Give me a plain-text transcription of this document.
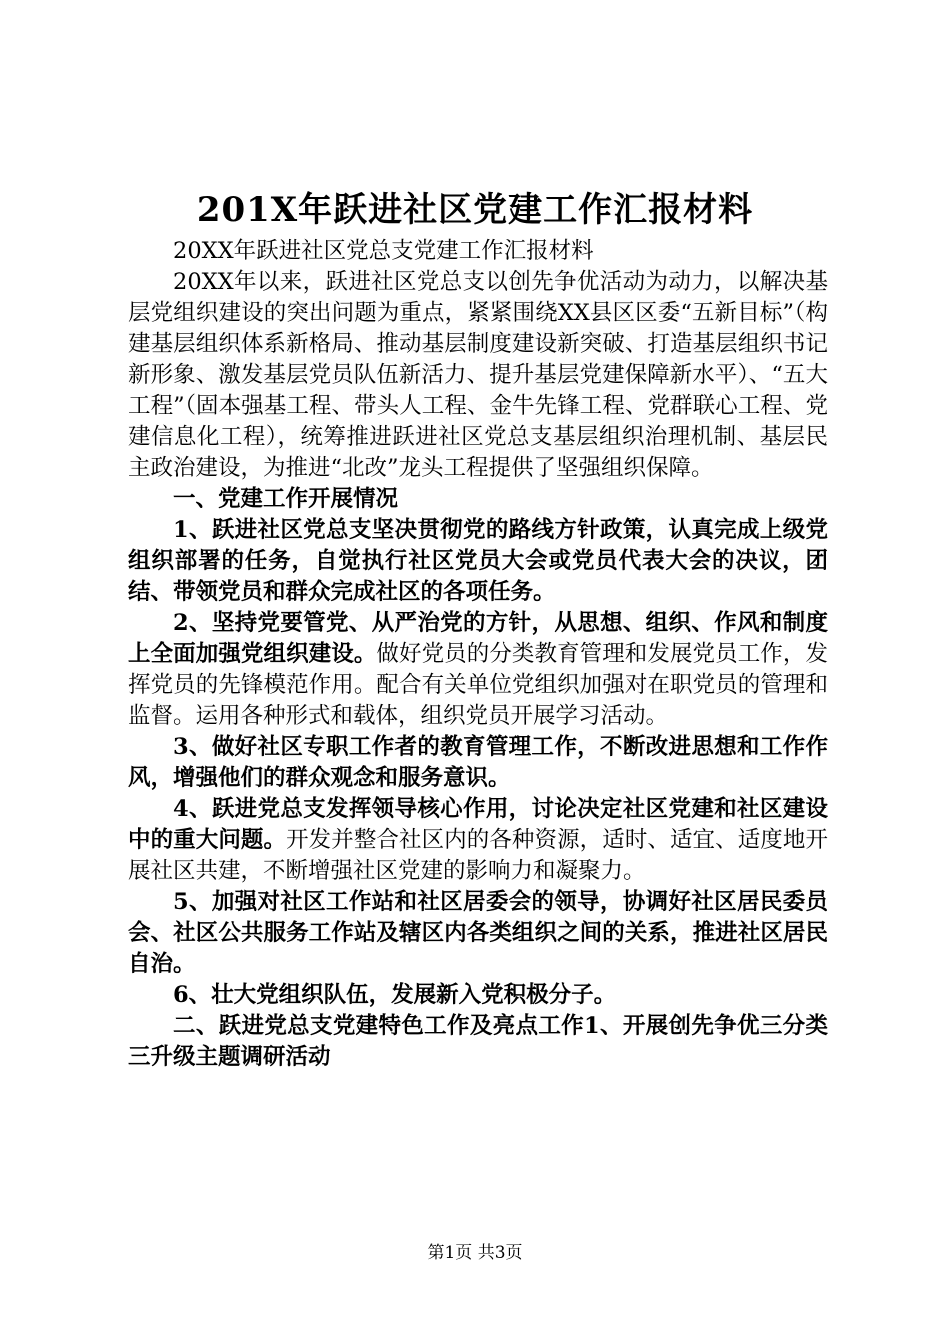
201X年跃进社区党建工作汇报材料

20XX年跃进社区党总支党建工作汇报材料

20XX年以来，跃进社区党总支以创先争优活动为动力，以解决基层党组织建设的突出问题为重点，紧紧围绕XX县区区委“五新目标”（构建基层组织体系新格局、推动基层制度建设新突破、打造基层组织书记新形象、激发基层党员队伍新活力、提升基层党建保障新水平）、“五大工程”（固本强基工程、带头人工程、金牛先锋工程、党群联心工程、党建信息化工程），统筹推进跃进社区党总支基层组织治理机制、基层民主政治建设，为推进“北改”龙头工程提供了坚强组织保障。

一、党建工作开展情况

1、跃进社区党总支坚决贯彻党的路线方针政策，认真完成上级党组织部署的任务，自觉执行社区党员大会或党员代表大会的决议，团结、带领党员和群众完成社区的各项任务。

2、坚持党要管党、从严治党的方针，从思想、组织、作风和制度上全面加强党组织建设。做好党员的分类教育管理和发展党员工作，发挥党员的先锋模范作用。配合有关单位党组织加强对在职党员的管理和监督。运用各种形式和载体，组织党员开展学习活动。

3、做好社区专职工作者的教育管理工作，不断改进思想和工作作风，增强他们的群众观念和服务意识。

4、跃进党总支发挥领导核心作用，讨论决定社区党建和社区建设中的重大问题。开发并整合社区内的各种资源，适时、适宜、适度地开展社区共建，不断增强社区党建的影响力和凝聚力。

5、加强对社区工作站和社区居委会的领导，协调好社区居民委员会、社区公共服务工作站及辖区内各类组织之间的关系，推进社区居民自治。

6、壮大党组织队伍，发展新入党积极分子。

二、跃进党总支党建特色工作及亮点工作1、开展创先争优三分类三升级主题调研活动

第1页 共3页
